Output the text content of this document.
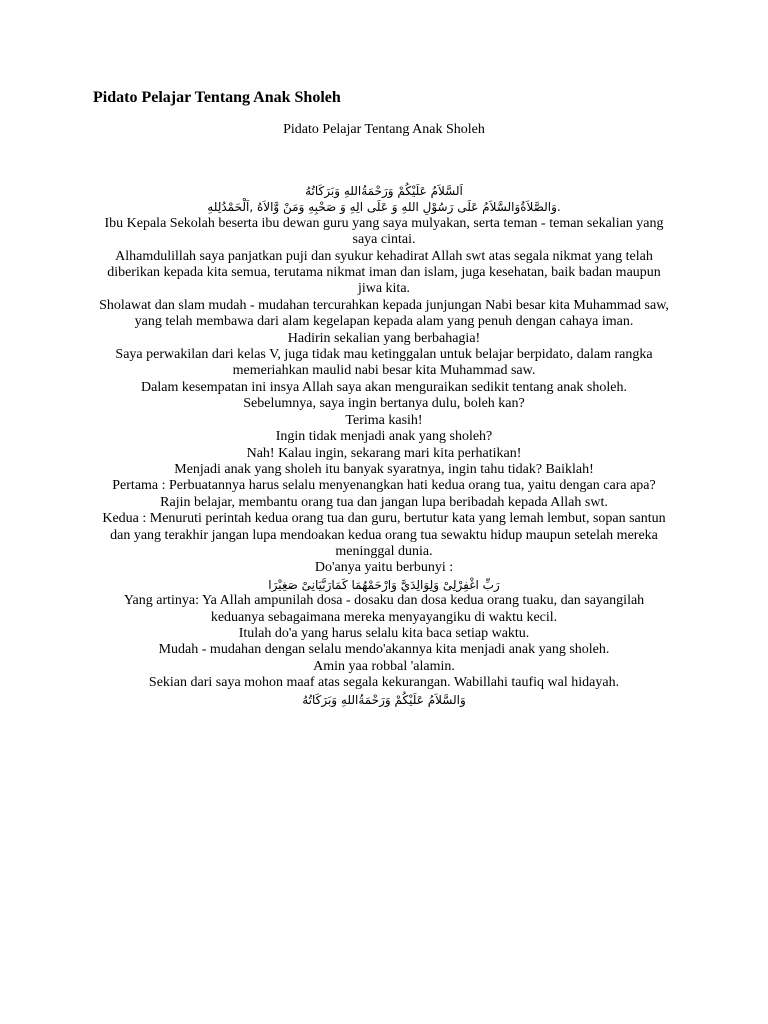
Pidato Pelajar Tentang Anak Sholeh
Pidato Pelajar Tentang Anak Sholeh

اَلسَّلاَمُ عَلَيْكُمْ وَرَحْمَةُاللهِ وَبَرَكَاتُهُ

.وَالصَّلاَةُوَالسَّلاَمُ عَلَى رَسُوْلِ اللهِ وَ عَلَى الِهِ وَ صَحْبِهِ وَمَنْ وَّالاَهُ ,اَلْحَمْدُلِلهِ

Ibu Kepala Sekolah beserta ibu dewan guru yang saya mulyakan, serta teman - teman sekalian yang saya cintai.

Alhamdulillah saya panjatkan puji dan syukur kehadirat Allah swt atas segala nikmat yang telah diberikan kepada kita semua, terutama nikmat iman dan islam, juga kesehatan, baik badan maupun jiwa kita.

Sholawat dan slam mudah - mudahan tercurahkan kepada junjungan Nabi besar kita Muhammad saw, yang telah membawa dari alam kegelapan kepada alam yang penuh dengan cahaya iman.

Hadirin sekalian yang berbahagia!

Saya perwakilan dari kelas V, juga tidak mau ketinggalan untuk belajar berpidato, dalam rangka memeriahkan maulid nabi besar kita Muhammad saw.

Dalam kesempatan ini insya Allah saya akan menguraikan sedikit tentang anak sholeh.

Sebelumnya, saya ingin bertanya dulu, boleh kan?

Terima kasih!

Ingin tidak menjadi anak yang sholeh?

Nah! Kalau ingin, sekarang mari kita perhatikan!

Menjadi anak yang sholeh itu banyak syaratnya, ingin tahu tidak? Baiklah!

Pertama : Perbuatannya harus selalu menyenangkan hati kedua orang tua, yaitu dengan cara apa? Rajin belajar, membantu orang tua dan jangan lupa beribadah kepada Allah swt.

Kedua : Menuruti perintah kedua orang tua dan guru, bertutur kata yang lemah lembut, sopan santun dan yang terakhir jangan lupa mendoakan kedua orang tua sewaktu hidup maupun setelah mereka meninggal dunia.

Do'anya yaitu berbunyi :

رَبِّ اغْفِرْلِىْ وَلِوَالِدَيَّ وَارْحَمْهُمَا كَمَارَبَّيَانِىْ صَغِيْرَا

Yang artinya: Ya Allah ampunilah dosa - dosaku dan dosa kedua orang tuaku, dan sayangilah keduanya sebagaimana mereka menyayangiku di waktu kecil.

Itulah do'a yang harus selalu kita baca setiap waktu.

Mudah - mudahan dengan selalu mendo'akannya kita menjadi anak yang sholeh.

Amin yaa robbal 'alamin.

Sekian dari saya mohon maaf atas segala kekurangan. Wabillahi taufiq wal hidayah.

وَالسَّلاَمُ عَلَيْكُمْ وَرَحْمَةُاللهِ وَبَرَكَاتُهُ
